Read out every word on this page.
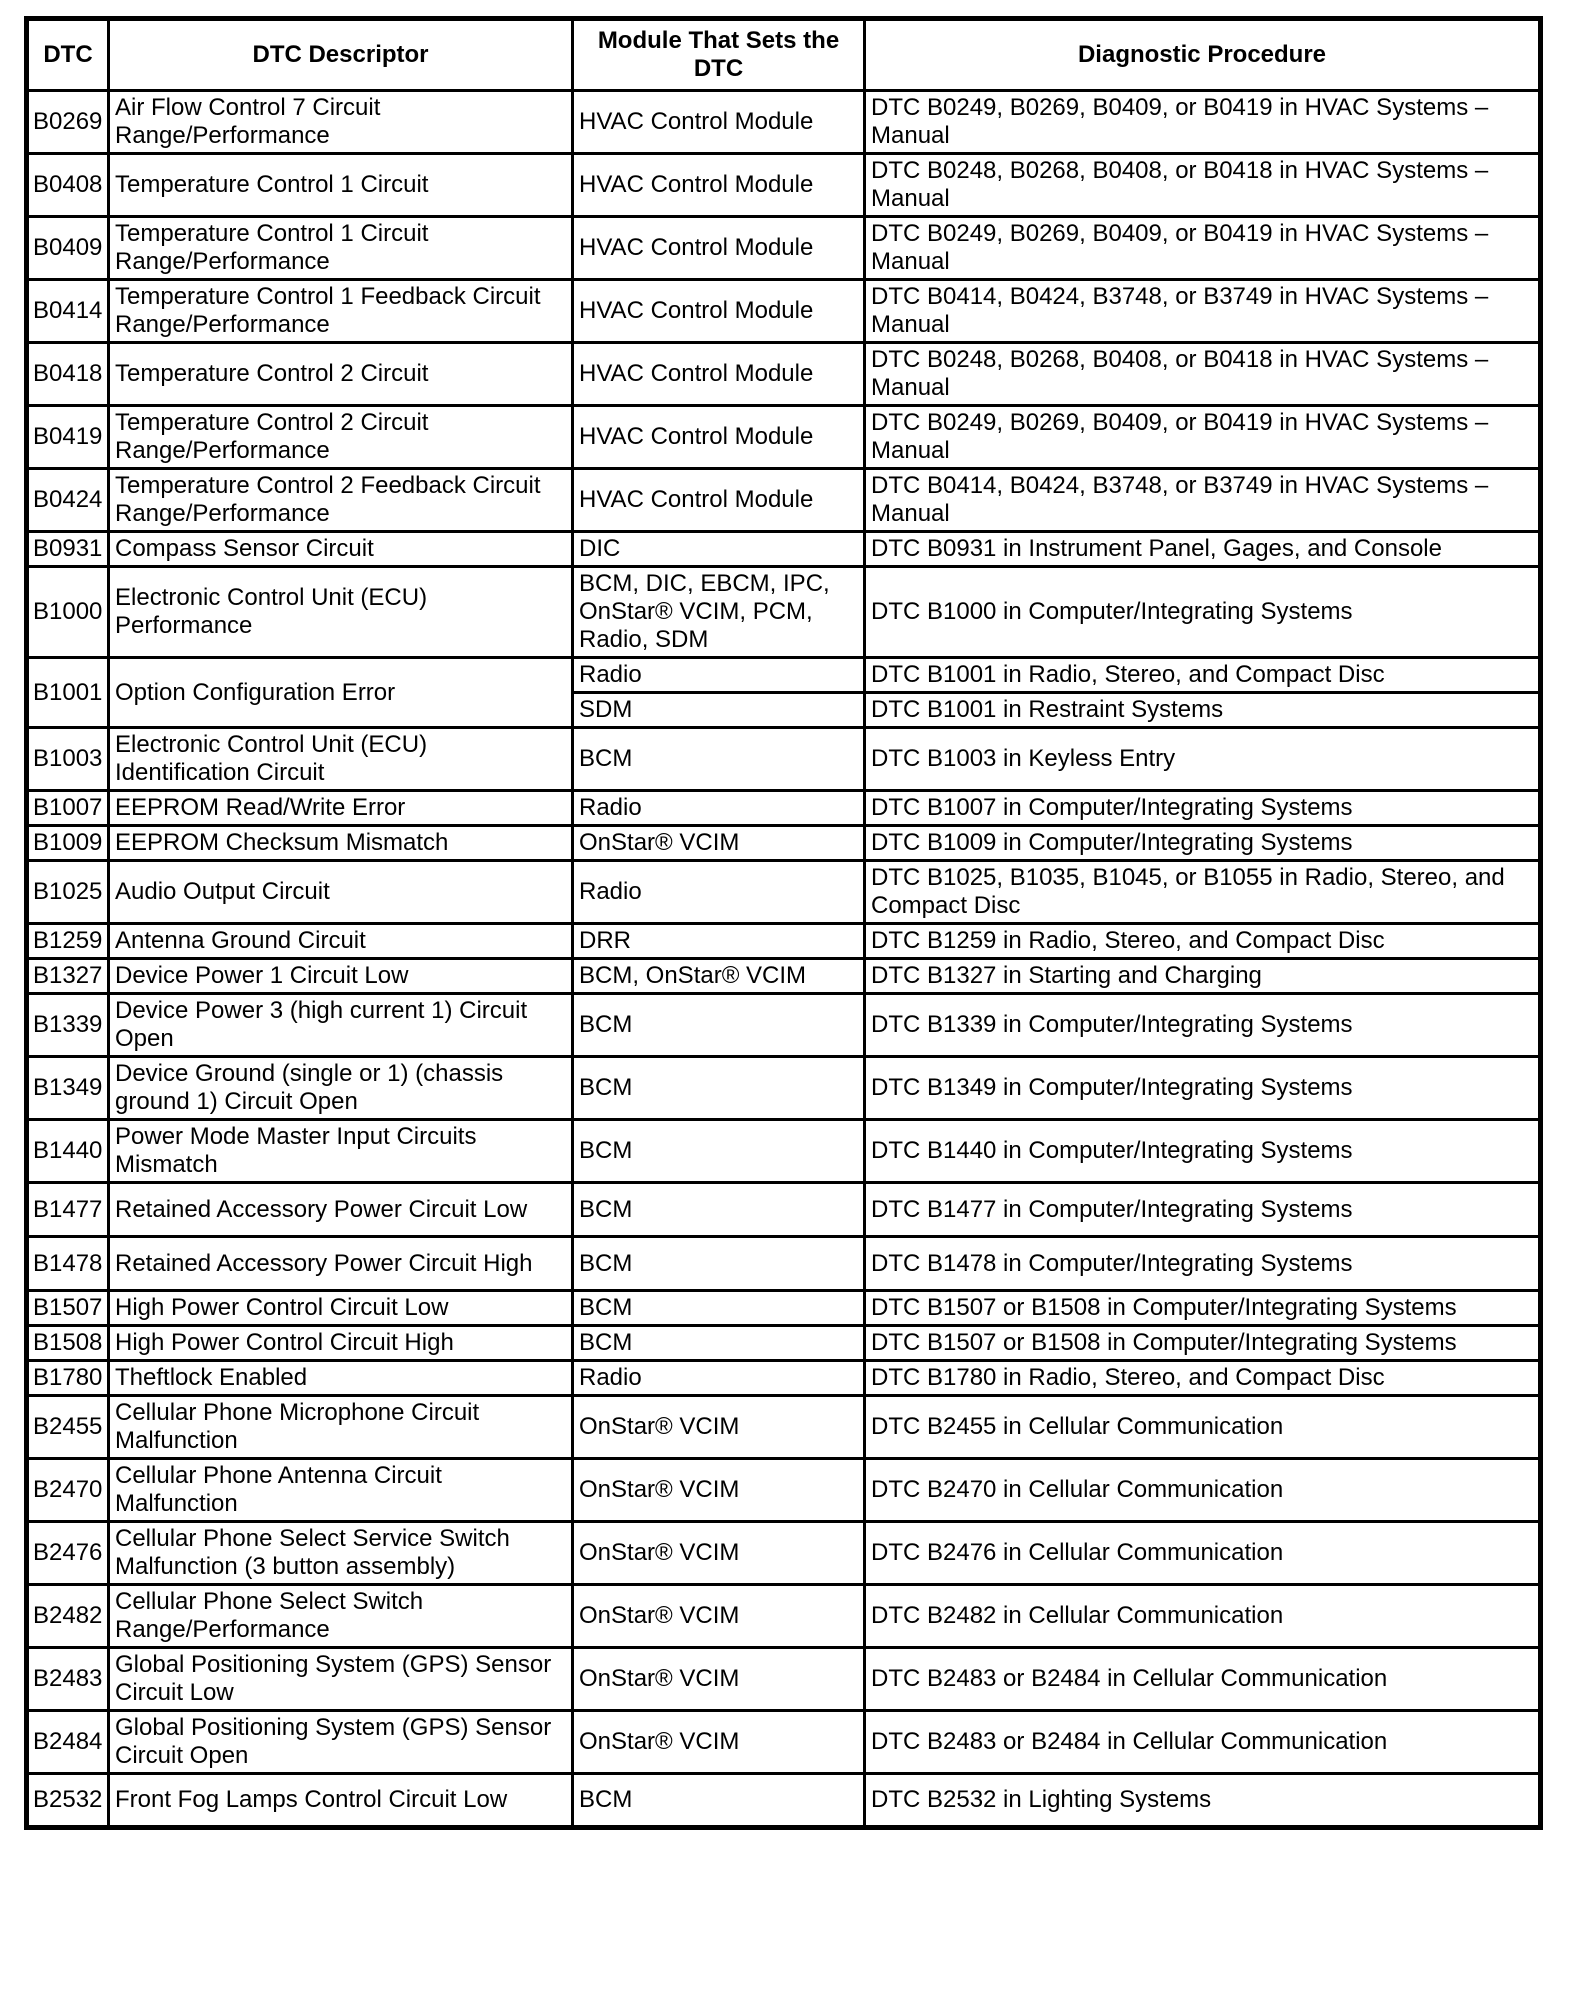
DTC	DTC Descriptor	Module That Sets the DTC	Diagnostic Procedure
B0269	Air Flow Control 7 Circuit Range/Performance	HVAC Control Module	DTC B0249, B0269, B0409, or B0419 in HVAC Systems – Manual
B0408	Temperature Control 1 Circuit	HVAC Control Module	DTC B0248, B0268, B0408, or B0418 in HVAC Systems – Manual
B0409	Temperature Control 1 Circuit Range/Performance	HVAC Control Module	DTC B0249, B0269, B0409, or B0419 in HVAC Systems – Manual
B0414	Temperature Control 1 Feedback Circuit Range/Performance	HVAC Control Module	DTC B0414, B0424, B3748, or B3749 in HVAC Systems – Manual
B0418	Temperature Control 2 Circuit	HVAC Control Module	DTC B0248, B0268, B0408, or B0418 in HVAC Systems – Manual
B0419	Temperature Control 2 Circuit Range/Performance	HVAC Control Module	DTC B0249, B0269, B0409, or B0419 in HVAC Systems – Manual
B0424	Temperature Control 2 Feedback Circuit Range/Performance	HVAC Control Module	DTC B0414, B0424, B3748, or B3749 in HVAC Systems – Manual
B0931	Compass Sensor Circuit	DIC	DTC B0931 in Instrument Panel, Gages, and Console
B1000	Electronic Control Unit (ECU) Performance	BCM, DIC, EBCM, IPC, OnStar® VCIM, PCM, Radio, SDM	DTC B1000 in Computer/Integrating Systems
B1001	Option Configuration Error	Radio	DTC B1001 in Radio, Stereo, and Compact Disc
		SDM	DTC B1001 in Restraint Systems
B1003	Electronic Control Unit (ECU) Identification Circuit	BCM	DTC B1003 in Keyless Entry
B1007	EEPROM Read/Write Error	Radio	DTC B1007 in Computer/Integrating Systems
B1009	EEPROM Checksum Mismatch	OnStar® VCIM	DTC B1009 in Computer/Integrating Systems
B1025	Audio Output Circuit	Radio	DTC B1025, B1035, B1045, or B1055 in Radio, Stereo, and Compact Disc
B1259	Antenna Ground Circuit	DRR	DTC B1259 in Radio, Stereo, and Compact Disc
B1327	Device Power 1 Circuit Low	BCM, OnStar® VCIM	DTC B1327 in Starting and Charging
B1339	Device Power 3 (high current 1) Circuit Open	BCM	DTC B1339 in Computer/Integrating Systems
B1349	Device Ground (single or 1) (chassis ground 1) Circuit Open	BCM	DTC B1349 in Computer/Integrating Systems
B1440	Power Mode Master Input Circuits Mismatch	BCM	DTC B1440 in Computer/Integrating Systems
B1477	Retained Accessory Power Circuit Low	BCM	DTC B1477 in Computer/Integrating Systems
B1478	Retained Accessory Power Circuit High	BCM	DTC B1478 in Computer/Integrating Systems
B1507	High Power Control Circuit Low	BCM	DTC B1507 or B1508 in Computer/Integrating Systems
B1508	High Power Control Circuit High	BCM	DTC B1507 or B1508 in Computer/Integrating Systems
B1780	Theftlock Enabled	Radio	DTC B1780 in Radio, Stereo, and Compact Disc
B2455	Cellular Phone Microphone Circuit Malfunction	OnStar® VCIM	DTC B2455 in Cellular Communication
B2470	Cellular Phone Antenna Circuit Malfunction	OnStar® VCIM	DTC B2470 in Cellular Communication
B2476	Cellular Phone Select Service Switch Malfunction (3 button assembly)	OnStar® VCIM	DTC B2476 in Cellular Communication
B2482	Cellular Phone Select Switch Range/Performance	OnStar® VCIM	DTC B2482 in Cellular Communication
B2483	Global Positioning System (GPS) Sensor Circuit Low	OnStar® VCIM	DTC B2483 or B2484 in Cellular Communication
B2484	Global Positioning System (GPS) Sensor Circuit Open	OnStar® VCIM	DTC B2483 or B2484 in Cellular Communication
B2532	Front Fog Lamps Control Circuit Low	BCM	DTC B2532 in Lighting Systems
